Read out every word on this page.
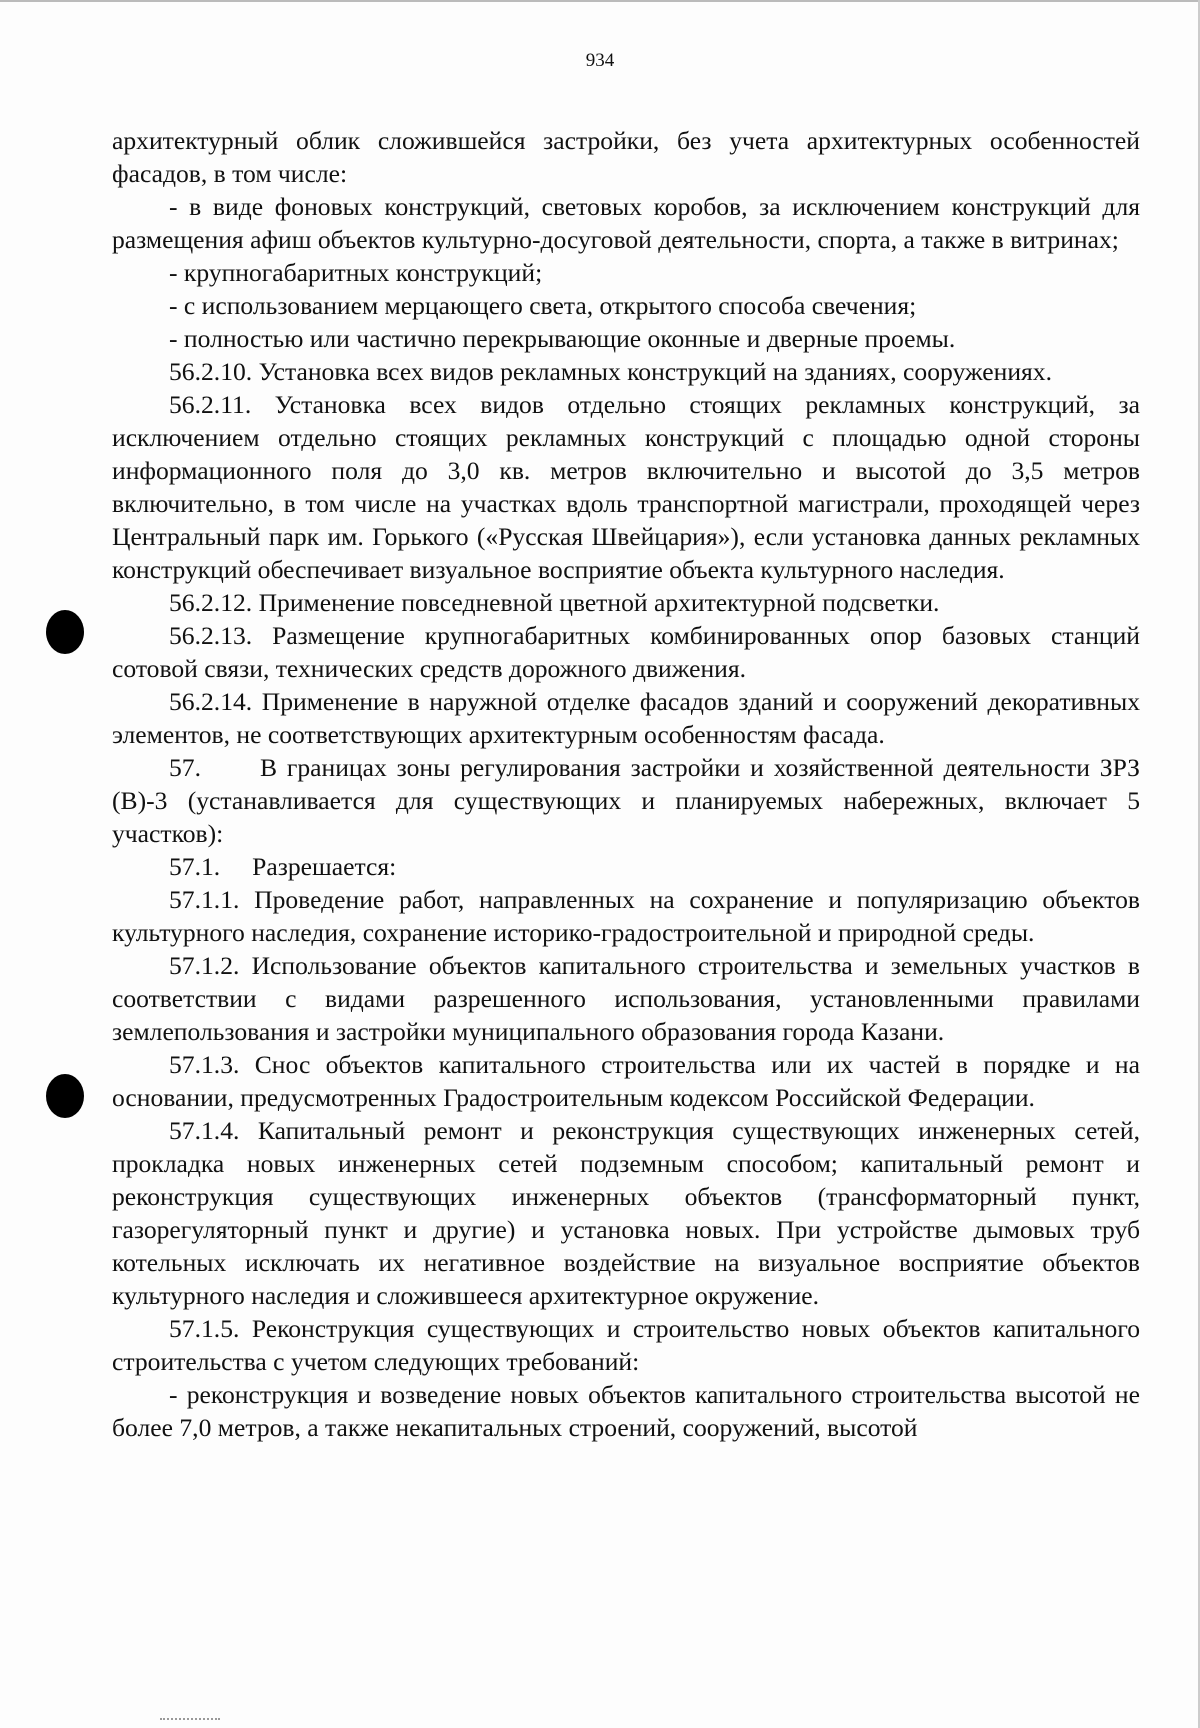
934

архитектурный облик сложившейся застройки, без учета архитектурных особенностей фасадов, в том числе:

- в виде фоновых конструкций, световых коробов, за исключением конструкций для размещения афиш объектов культурно-досуговой деятельности, спорта, а также в витринах;

- крупногабаритных конструкций;

- с использованием мерцающего света, открытого способа свечения;

- полностью или частично перекрывающие оконные и дверные проемы.

56.2.10. Установка всех видов рекламных конструкций на зданиях, сооружениях.

56.2.11. Установка всех видов отдельно стоящих рекламных конструкций, за исключением отдельно стоящих рекламных конструкций с площадью одной стороны информационного поля до 3,0 кв. метров включительно и высотой до 3,5 метров включительно, в том числе на участках вдоль транспортной магистрали, проходящей через Центральный парк им. Горького («Русская Швейцария»), если установка данных рекламных конструкций обеспечивает визуальное восприятие объекта культурного наследия.

56.2.12. Применение повседневной цветной архитектурной подсветки.

56.2.13. Размещение крупногабаритных комбинированных опор базовых станций сотовой связи, технических средств дорожного движения.

56.2.14. Применение в наружной отделке фасадов зданий и сооружений декоративных элементов, не соответствующих архитектурным особенностям фасада.

57.      В границах зоны регулирования застройки и хозяйственной деятельности ЗРЗ (В)-3 (устанавливается для существующих и планируемых набережных, включает 5 участков):

57.1.     Разрешается:

57.1.1. Проведение работ, направленных на сохранение и популяризацию объектов культурного наследия, сохранение историко-градостроительной и природной среды.

57.1.2. Использование объектов капитального строительства и земельных участков в соответствии с видами разрешенного использования, установленными правилами землепользования и застройки муниципального образования города Казани.

57.1.3. Снос объектов капитального строительства или их частей в порядке и на основании, предусмотренных Градостроительным кодексом Российской Федерации.

57.1.4. Капитальный ремонт и реконструкция существующих инженерных сетей, прокладка новых инженерных сетей подземным способом; капитальный ремонт и реконструкция существующих инженерных объектов (трансформаторный пункт, газорегуляторный пункт и другие) и установка новых. При устройстве дымовых труб котельных исключать их негативное воздействие на визуальное восприятие объектов культурного наследия и сложившееся архитектурное окружение.

57.1.5. Реконструкция существующих и строительство новых объектов капитального строительства с учетом следующих требований:

- реконструкция и возведение новых объектов капитального строительства высотой не более 7,0 метров, а также некапитальных строений, сооружений, высотой
